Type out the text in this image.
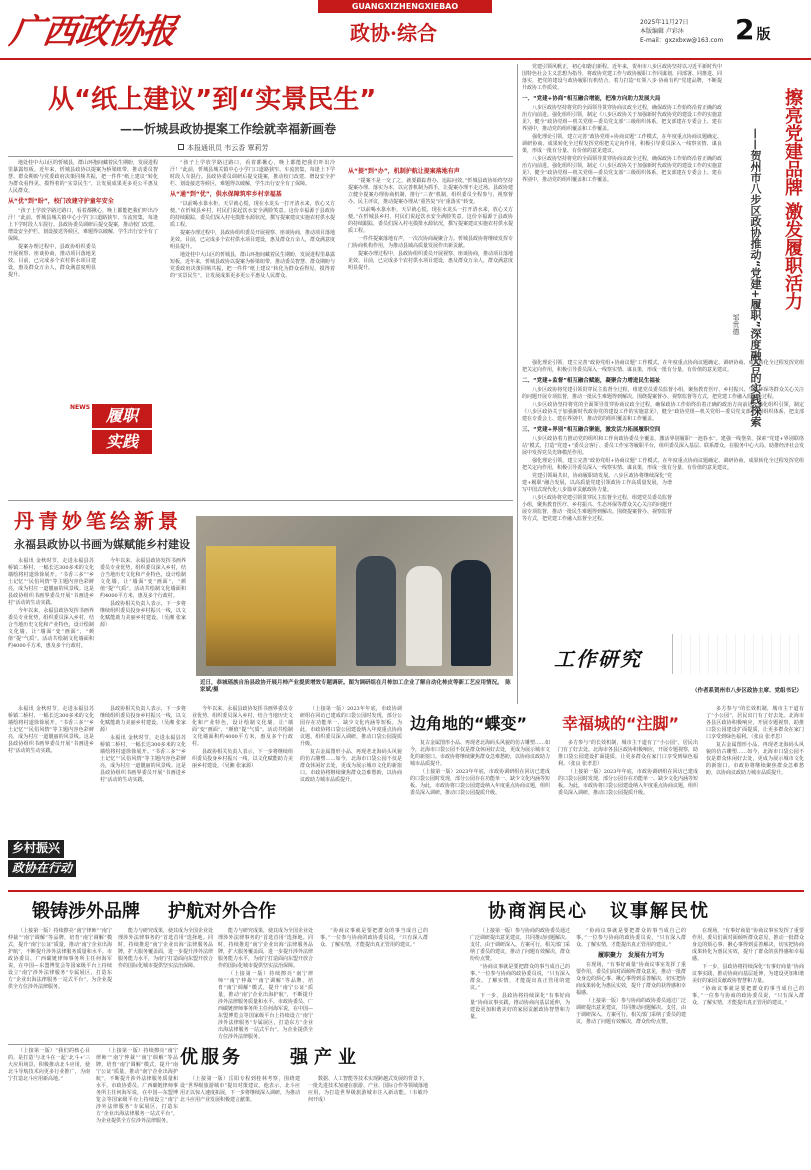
广西政协报
GUANGXIZHENGXIEBAO
政协·综合	2025年11月27日
本版编辑 卢彩沐
E-mail：gxzxbxw@163.com 2 版
从“纸上建议”到“实景民生”
——忻城县政协提案工作绘就幸福新画卷
本报通讯员 韦云香 覃莉芳

地处桂中大山区的忻城县，群山环抱间藏着民生期盼，发展进程里暴露短板。近年来，忻城县政协以提案为桥梁纽带，推动委员智慧、群众期盼与党委政府决策同频共振，把一件件“纸上建议”转化为群众看得见、摸得着的“实景民生”，让发展成果更多更公平惠及人民群众。

从“优”到“盼”，校门改建守护童年安全

“孩子上学放学路过路口，看着都揪心，晚上都能把我们吓出冷汗！”此前，忻城县城关镇中心小学门口道路狭窄、车流密集，每逢上下学时段人车混行。县政协委员调研后提交提案，推动校门改建、增设安全护栏、划设接送等候区，难题得以破解，学生出行安全有了保障。

提案办理过程中，县政协组织委员开展视察、座谈协商，推动项目落地见效。目前，已完成多个农村供水项目建设，惠及群众万余人，群众满意度明显提升。

NEWS 履职
实践

“孩子上学放学路过路口，看着都揪心，晚上都能把我们吓出冷汗！”此前，忻城县城关镇中心小学门口道路狭窄、车流密集，每逢上下学时段人车混行。县政协委员调研后提交提案，推动校门改建、增设安全护栏、划设接送等候区，难题得以破解，学生出行安全有了保障。

从“通”到“优”，供水保障筑牢乡村幸福基

“以前喝水靠水柜，天旱就心慌，现在水龙头一打开清水来，放心又方便。”在忻城县乡村，村民们说起饮水安全满脸笑意。这份幸福源于县政协的持续跟踪，委员们深入村屯摸排水源状况，撰写提案建议实施农村供水提质工程。

提案办理过程中，县政协组织委员开展视察、座谈协商，推动项目落地见效。目前，已完成多个农村供水项目建设，惠及群众万余人，群众满意度明显提升。

地处桂中大山区的忻城县，群山环抱间藏着民生期盼，发展进程里暴露短板。近年来，忻城县政协以提案为桥梁纽带，推动委员智慧、群众期盼与党委政府决策同频共振，把一件件“纸上建议”转化为群众看得见、摸得着的“实景民生”，让发展成果更多更公平惠及人民群众。

从“提”到“办”，机制护航让提案落地有声

“提案不是一交了之，就要跟踪督办、追踪问效。”忻城县政协始终坚持提案办理、落实为本，以完善机制为抓手，让提案办理不走过场。县政协建立健全提案办理协商机制，推行“三查”机制，组织委员全程参与，视察督办、民主评议，推动提案办理从“重答复”向“重落实”转变。

“以前喝水靠水柜，天旱就心慌，现在水龙头一打开清水来，放心又方便。”在忻城县乡村，村民们说起饮水安全满脸笑意。这份幸福源于县政协的持续跟踪，委员们深入村屯摸排水源状况，撰写提案建议实施农村供水提质工程。

一件件提案落地有声，一次次协商凝聚合力。忻城县政协将继续发挥专门协商机构作用，为推动县域高质量发展作出新贡献。

提案办理过程中，县政协组织委员开展视察、座谈协商，推动项目落地见效。目前，已完成多个农村供水项目建设，惠及群众万余人，群众满意度明显提升。

丹青妙笔绘新景
永福县政协以书画为媒赋能乡村建设

永福讯 金秋时节，走进永福县苏桥镇二桥村，一幅长达300多米的文化墙绘将村道徐徐展开。“书香三多”“乡土记忆”“民俗风情”等主题内容色彩鲜亮，成为村庄一道靓丽的风景线。这是县政协组织书画界委员开展“书画进乡村”活动的生动实践。

今年以来，永福县政协发挥书画界委员专业优势，组织委员深入乡村，结合当地历史文化和产业特色，设计绘制文化墙，让“墙面”变“画面”，“颜值”提“气质”。活动共绘制文化墙面积约4000平方米，惠及多个行政村。

今年以来，永福县政协发挥书画界委员专业优势，组织委员深入乡村，结合当地历史文化和产业特色，设计绘制文化墙，让“墙面”变“画面”，“颜值”提“气质”。活动共绘制文化墙面积约4000平方米，惠及多个行政村。

县政协相关负责人表示，下一步将继续组织委员投身乡村振兴一线，以文化赋能助力美丽乡村建设。（吴湘 张家源）

近日，恭城瑶族自治县政协开展月柿产业提质增效专题调研。图为调研组在月柿加工企业了解自动化柿皮等新工艺应用情况。　陈家斌/摄
擦亮党建品牌 激发履职活力
——贺州市八步区政协推动“党建+履职”深度融合的实践探索
邹贵德

党建引领风帆正，初心如磐启新程。近年来，贺州市八步区政协坚持以习近平新时代中国特色社会主义思想为指导，将政协党建工作与政协履职工作同谋划、同部署、同推进、同落实，把党的建设与政协履职有机结合，着力打造“红领八步·协商有约”党建品牌，不断提升政协工作质效。

一、“党建+协商”相互融合增能，把准方向助力发展大局

八步区政协坚持将党的全面领导贯穿协商议政全过程，确保政协工作始终沿着正确的政治方向前进。强化组织引领，制定《八步区政协关于加强新时代政协党的建设工作的实施意见》，健全“政协党组—机关党组—委员党支部”三级组织体系，把支部建在专委会上、建在界别中，推动党的组织覆盖和工作覆盖。

强化理论引领，建立完善“政协党组+协商议题”工作模式，在年度重点协商议题确定、调研协商、成果转化全过程发挥党组把关定向作用，积极引导委员深入一线察实情、谋良策，形成一批有分量、有价值的意见建议。

八步区政协坚持将党的全面领导贯穿协商议政全过程，确保政协工作始终沿着正确的政治方向前进。强化组织引领，制定《八步区政协关于加强新时代政协党的建设工作的实施意见》，健全“政协党组—机关党组—委员党支部”三级组织体系，把支部建在专委会上、建在界别中，推动党的组织覆盖和工作覆盖。

强化理论引领，建立完善“政协党组+协商议题”工作模式，在年度重点协商议题确定、调研协商、成果转化全过程发挥党组把关定向作用，积极引导委员深入一线察实情、谋良策，形成一批有分量、有价值的意见建议。

二、“党建+监督”相互融合赋能，凝聚合力增进民生福祉

八步区政协将党建引领贯穿民主监督全过程，组建党员委员监督小组，聚焦教育医疗、乡村振兴、生态环保等群众关心关注的问题开展专项监督，推动一批民生难题得到解决。围绕提案督办、视察监督等方式，把党建工作融入监督全过程。

八步区政协坚持将党的全面领导贯穿协商议政全过程，确保政协工作始终沿着正确的政治方向前进。强化组织引领，制定《八步区政协关于加强新时代政协党的建设工作的实施意见》，健全“政协党组—机关党组—委员党支部”三级组织体系，把支部建在专委会上、建在界别中，推动党的组织覆盖和工作覆盖。

三、“党建+界别”相互融合聚能，激发活力拓展履职空间

八步区政协着力推动党的组织和工作向政协委员全覆盖，激活界别履职“一池春水”。建强一线堡垒，探索“党建+界别联络站”模式，打造“党建+”委员会客厅、委员工作室等履职平台，组织委员深入基层、联系群众，在服务中心大局、助推经济社会发展中发挥党员先锋模范作用。

强化理论引领，建立完善“政协党组+协商议题”工作模式，在年度重点协商议题确定、调研协商、成果转化全过程发挥党组把关定向作用，积极引导委员深入一线察实情、谋良策，形成一批有分量、有价值的意见建议。

党建引领凝共识，协商履职助发展。八步区政协将继续深化“党建+履职”融合发展，以高质量党建引领政协工作高质量发展，为谱写中国式现代化八步篇章贡献政协力量。

八步区政协将党建引领贯穿民主监督全过程，组建党员委员监督小组，聚焦教育医疗、乡村振兴、生态环保等群众关心关注的问题开展专项监督，推动一批民生难题得到解决。围绕提案督办、视察监督等方式，把党建工作融入监督全过程。

工作研究
（作者系贺州市八步区政协主席、党组书记）
边角地的“蝶变” 幸福城的“注脚”

（上接第一版）2023年年底，市政协调研组在回访已建成的口袋公园时发现，部分公园存在功能单一、缺少文化内涵等短板。为此，市政协将口袋公园建设纳入年度重点协商议题，组织委员深入调研，推动口袋公园提质升级。

复古金属图形小品、再现老北海码头风貌的仿古雕塑……如今，北海市口袋公园不仅是群众休闲好去处，更成为展示城市文化的新窗口。市政协将继续聚焦群众急难愁盼，以协商议政助力城市品质提升。

复古金属图形小品、再现老北海码头风貌的仿古雕塑……如今，北海市口袋公园不仅是群众休闲好去处，更成为展示城市文化的新窗口。市政协将继续聚焦群众急难愁盼，以协商议政助力城市品质提升。

（上接第一版）2023年年底，市政协调研组在回访已建成的口袋公园时发现，部分公园存在功能单一、缺少文化内涵等短板。为此，市政协将口袋公园建设纳入年度重点协商议题，组织委员深入调研，推动口袋公园提质升级。

多方参与“的长效机制，城市主干道有了“小公园”，居民出门有了好去处。北海市各县区政协积极响应，开展专题视察，助推口袋公园建设扩面提质，让更多群众在家门口享受到绿色福利。（张良 张孝思）

（上接第一版）2023年年底，市政协调研组在回访已建成的口袋公园时发现，部分公园存在功能单一、缺少文化内涵等短板。为此，市政协将口袋公园建设纳入年度重点协商议题，组织委员深入调研，推动口袋公园提质升级。

多方参与“的长效机制，城市主干道有了“小公园”，居民出门有了好去处。北海市各县区政协积极响应，开展专题视察，助推口袋公园建设扩面提质，让更多群众在家门口享受到绿色福利。（张良 张孝思）

复古金属图形小品、再现老北海码头风貌的仿古雕塑……如今，北海市口袋公园不仅是群众休闲好去处，更成为展示城市文化的新窗口。市政协将继续聚焦群众急难愁盼，以协商议政助力城市品质提升。

永福讯 金秋时节，走进永福县苏桥镇二桥村，一幅长达300多米的文化墙绘将村道徐徐展开。“书香三多”“乡土记忆”“民俗风情”等主题内容色彩鲜亮，成为村庄一道靓丽的风景线。这是县政协组织书画界委员开展“书画进乡村”活动的生动实践。

县政协相关负责人表示，下一步将继续组织委员投身乡村振兴一线，以文化赋能助力美丽乡村建设。（吴湘 张家源）

永福讯 金秋时节，走进永福县苏桥镇二桥村，一幅长达300多米的文化墙绘将村道徐徐展开。“书香三多”“乡土记忆”“民俗风情”等主题内容色彩鲜亮，成为村庄一道靓丽的风景线。这是县政协组织书画界委员开展“书画进乡村”活动的生动实践。

今年以来，永福县政协发挥书画界委员专业优势，组织委员深入乡村，结合当地历史文化和产业特色，设计绘制文化墙，让“墙面”变“画面”，“颜值”提“气质”。活动共绘制文化墙面积约4000平方米，惠及多个行政村。

县政协相关负责人表示，下一步将继续组织委员投身乡村振兴一线，以文化赋能助力美丽乡村建设。（吴湘 张家源）

乡村振兴 政协在行动
锻铸涉外品牌 护航对外合作

（上接第一版）持续擦亮“南宁律师”“南宁仲裁”“南宁调解”等品牌，培育“南宁调解”模式，提升“南宁公证”质量，推动“南宁企业出海护航”，不断提升涉外法律服务质量和水平。市政协委员、广西碳链律师事务所主任何海军说，在中国—东盟博览会等国家级平台上持续设立“南宁涉外法律服务”专属展区，打造东方“企业出海法律服务一站式平台”，为企业提供全方位涉外法律服务。

能力与研究成果，使其成为全国企业处理涉外法律事务的“首选首用”选择地。同时，持续推进“南宁企业出海”法律服务品牌，扩大服务覆盖面，进一步提升涉外法律服务能力水平，为南宁打造面向东盟开放合作的国际化城市提供坚实法治保障。

能力与研究成果，使其成为全国企业处理涉外法律事务的“首选首用”选择地。同时，持续推进“南宁企业出海”法律服务品牌，扩大服务覆盖面，进一步提升涉外法律服务能力水平，为南宁打造面向东盟开放合作的国际化城市提供坚实法治保障。

（上接第一版）持续擦亮“南宁律师”“南宁仲裁”“南宁调解”等品牌，培育“南宁调解”模式，提升“南宁公证”质量，推动“南宁企业出海护航”，不断提升涉外法律服务质量和水平。市政协委员、广西碳链律师事务所主任何海军说，在中国—东盟博览会等国家级平台上持续设立“南宁涉外法律服务”专属展区，打造东方“企业出海法律服务一站式平台”，为企业提供全方位涉外法律服务。

（上接第一版）“我们的核心目的，是打造‘与北斗在一起’‘北斗+’三大应用场景，积极推动北斗应用，使北斗导航技术向更多行业推广，为南宁打造北斗应用新高地。”

（上接第一版）持续擦亮“南宁律师”“南宁仲裁”“南宁调解”等品牌，培育“南宁调解”模式，提升“南宁公证”质量，推动“南宁企业出海护航”，不断提升涉外法律服务质量和水平。市政协委员、广西碳链律师事务所主任何海军说，在中国—东盟博览会等国家级平台上持续设立“南宁涉外法律服务”专属展区，打造东方“企业出海法律服务一站式平台”，为企业提供全方位涉外法律服务。

优服务	强产业

（上接第一版）岳阳专程到桂林考察，围绕建设“世界级旅游城市”提出对策建议。他表示，北斗应用正以惊人速度拓展，下一步将继续深入调研，为推动北斗应用产业发展积极建言献策。

数据、人工智能等技术实现跨越式发展的背景下，一批先进技术加速在旅游、产业、国际合作等领域落地应用，为打造世界级旅游城市注入新动能。（韦敏玲　何开成）

协商润民心 议事解民忧

“协商议事就是要把群众的事当成自己的事。”一位参与协商的政协委员说，“只有深入群众、了解实情，才能提出真正管用的建议。”

（上接第一版）参与协商的政协委员通过广泛调研提出意见建议，共同推动问题解决。支付，由于调研深入、方案可行，相关部门采纳了委员的建议，推动了问题有效解决，群众纷纷点赞。

“协商议事就是要把群众的事当成自己的事。”一位参与协商的政协委员说，“只有深入群众、了解实情，才能提出真正管用的建议。”

下一步，县政协将持续深化“有事好商量”协商议事实践，推动协商向基层延伸，为建设更加和谐美好的家园贡献政协智慧和力量。

“协商议事就是要把群众的事当成自己的事。”一位参与协商的政协委员说，“只有深入群众、了解实情，才能提出真正管用的建议。”

履职聚力　发展有力可为

在现场，“有事好商量”协商议事室发挥了重要作用，委员们面对面倾听群众意见，推动一批群众身边的烦心事、揪心事得到妥善解决，切实把协商成果转化为惠民实效，提升了群众的获得感和幸福感。

（上接第一版）参与协商的政协委员通过广泛调研提出意见建议，共同推动问题解决。支付，由于调研深入、方案可行，相关部门采纳了委员的建议，推动了问题有效解决，群众纷纷点赞。

在现场，“有事好商量”协商议事室发挥了重要作用，委员们面对面倾听群众意见，推动一批群众身边的烦心事、揪心事得到妥善解决，切实把协商成果转化为惠民实效，提升了群众的获得感和幸福感。

下一步，县政协将持续深化“有事好商量”协商议事实践，推动协商向基层延伸，为建设更加和谐美好的家园贡献政协智慧和力量。

“协商议事就是要把群众的事当成自己的事。”一位参与协商的政协委员说，“只有深入群众、了解实情，才能提出真正管用的建议。”
